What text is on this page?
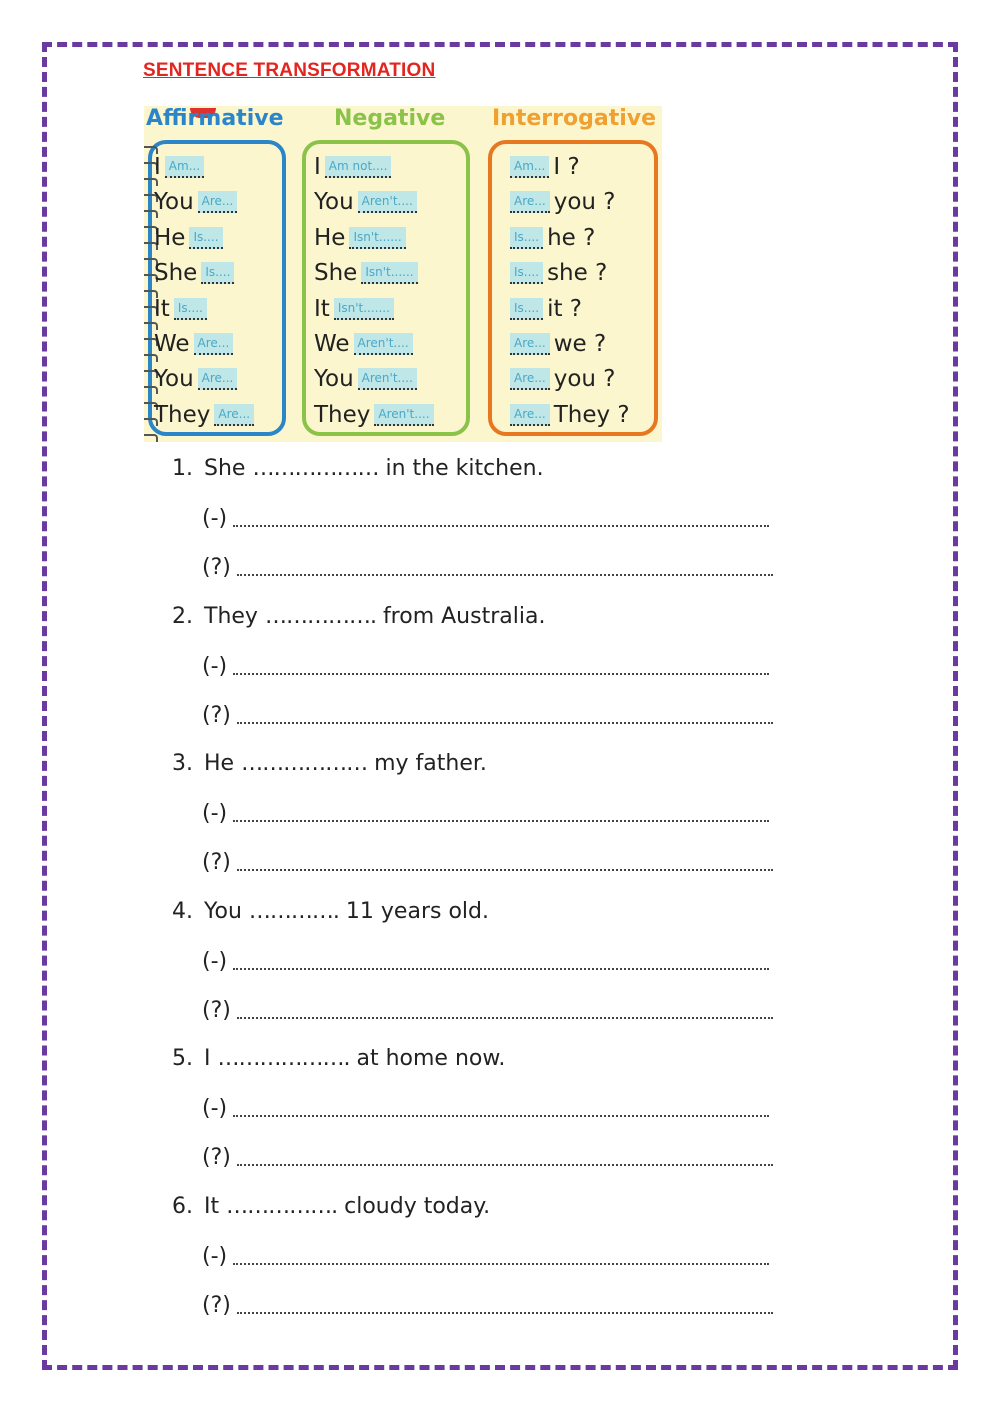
SENTENCE TRANSFORMATION
Affirmative Negative Interrogative
I Am...
You Are...
He Is....
She Is....
It Is....
We Are...
You Are...
They Are...
I Am not....
You Aren't....
He Isn't......
She Isn't......
It Isn't.......
We Aren't....
You Aren't....
They Aren't....
Am... I ?
Are... you ?
Is.... he ?
Is.... she ?
Is.... it ?
Are... we ?
Are... you ?
Are... They ?
1. She ……………… in the kitchen.
(-)
(?)
2. They ……………. from Australia.
(-)
(?)
3. He ……………… my father.
(-)
(?)
4. You …………. 11 years old.
(-)
(?)
5. I ………………. at home now.
(-)
(?)
6. It ……………. cloudy today.
(-)
(?)
